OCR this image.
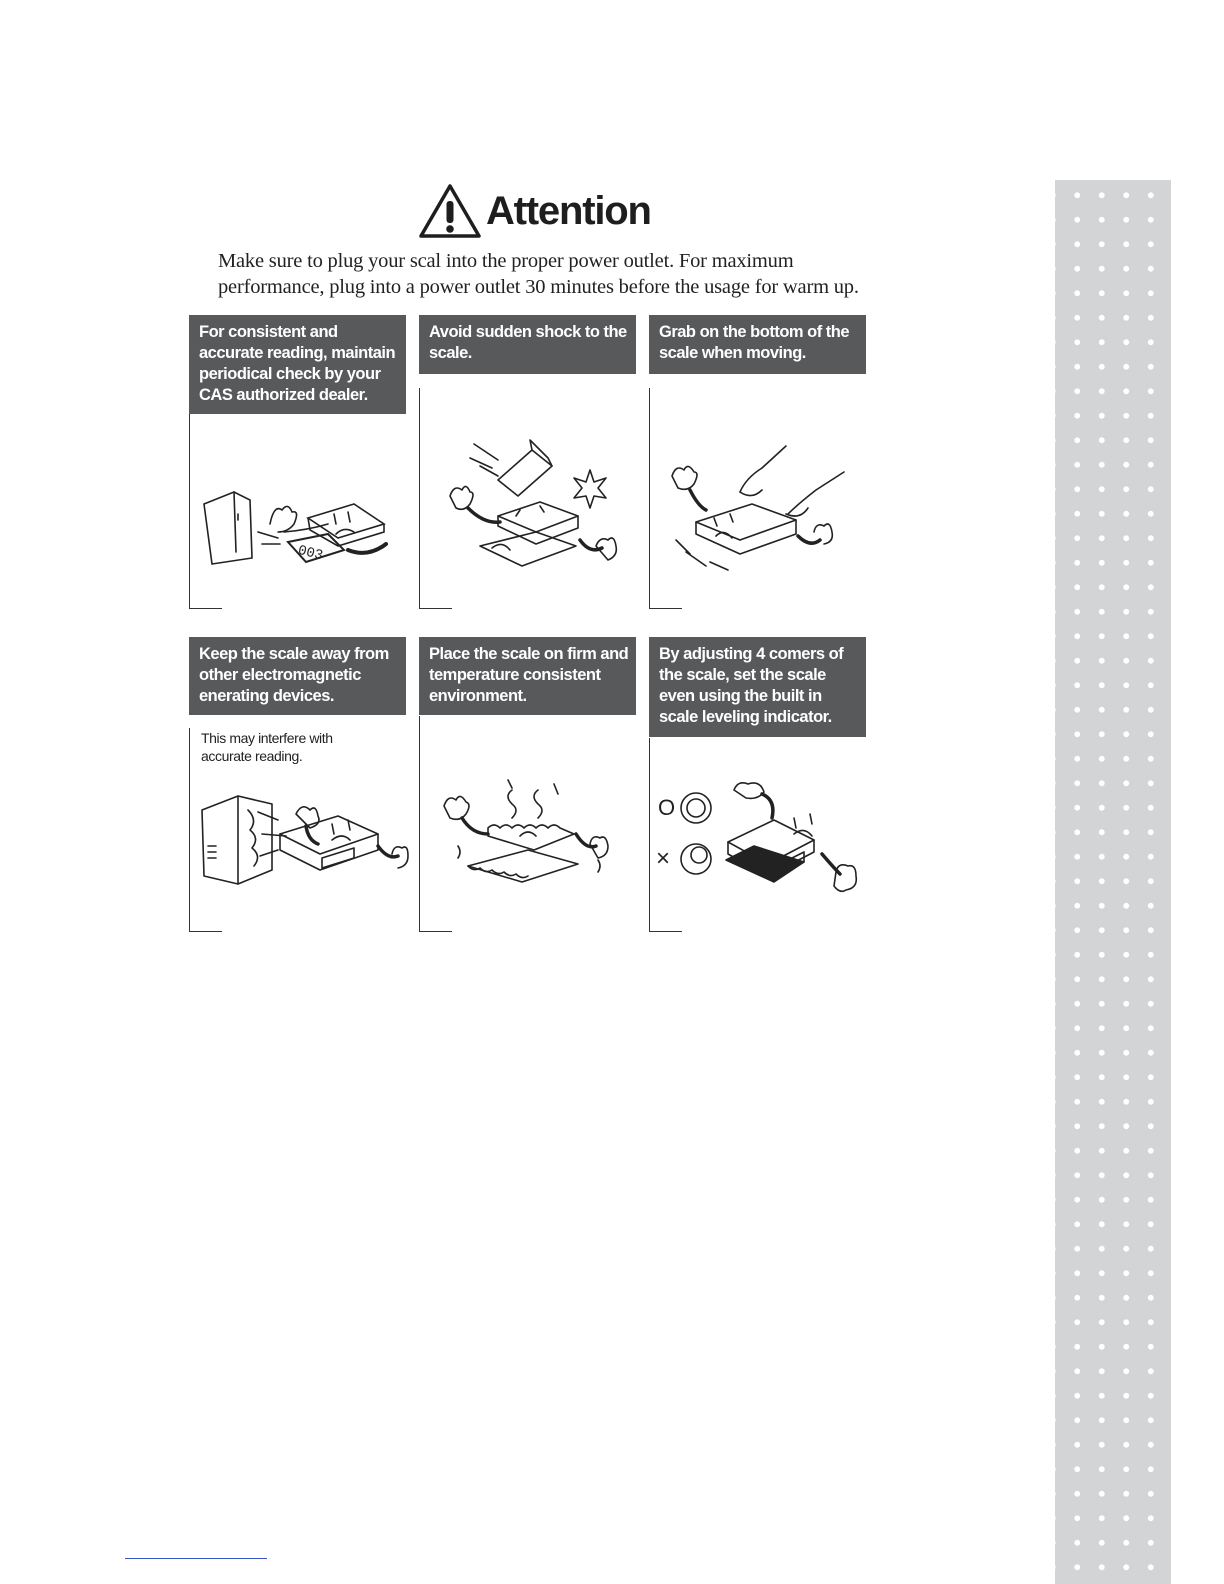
Attention
Make sure to plug your scal into the proper power outlet. For maximum performance, plug into a power outlet 30 minutes before the usage for warm up.
For consistent and accurate reading, maintain periodical check by your CAS authorized dealer.
003
Avoid sudden shock to the scale.
Grab on the bottom of the scale when moving.
Keep the scale away from other electromagnetic enerating devices.
This may interfere with accurate reading.
Place the scale on firm and temperature consistent environment.
By adjusting 4 comers of the scale, set the scale even using the built in scale leveling indicator.
O
×
